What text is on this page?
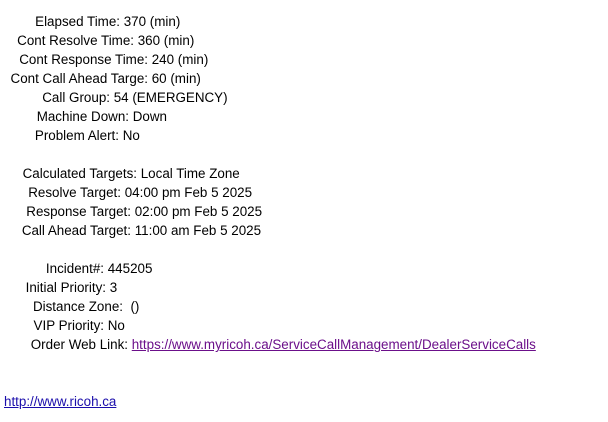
Elapsed Time: 370 (min)
Cont Resolve Time: 360 (min)
Cont Response Time: 240 (min)
Cont Call Ahead Targe: 60 (min)
Call Group: 54 (EMERGENCY)
Machine Down: Down
Problem Alert: No
Calculated Targets: Local Time Zone
Resolve Target: 04:00 pm Feb 5 2025
Response Target: 02:00 pm Feb 5 2025
Call Ahead Target: 11:00 am Feb 5 2025
Incident#: 445205
Initial Priority: 3
Distance Zone:  ()
VIP Priority: No
Order Web Link: https://www.myricoh.ca/ServiceCallManagement/DealerServiceCalls
http://www.ricoh.ca
